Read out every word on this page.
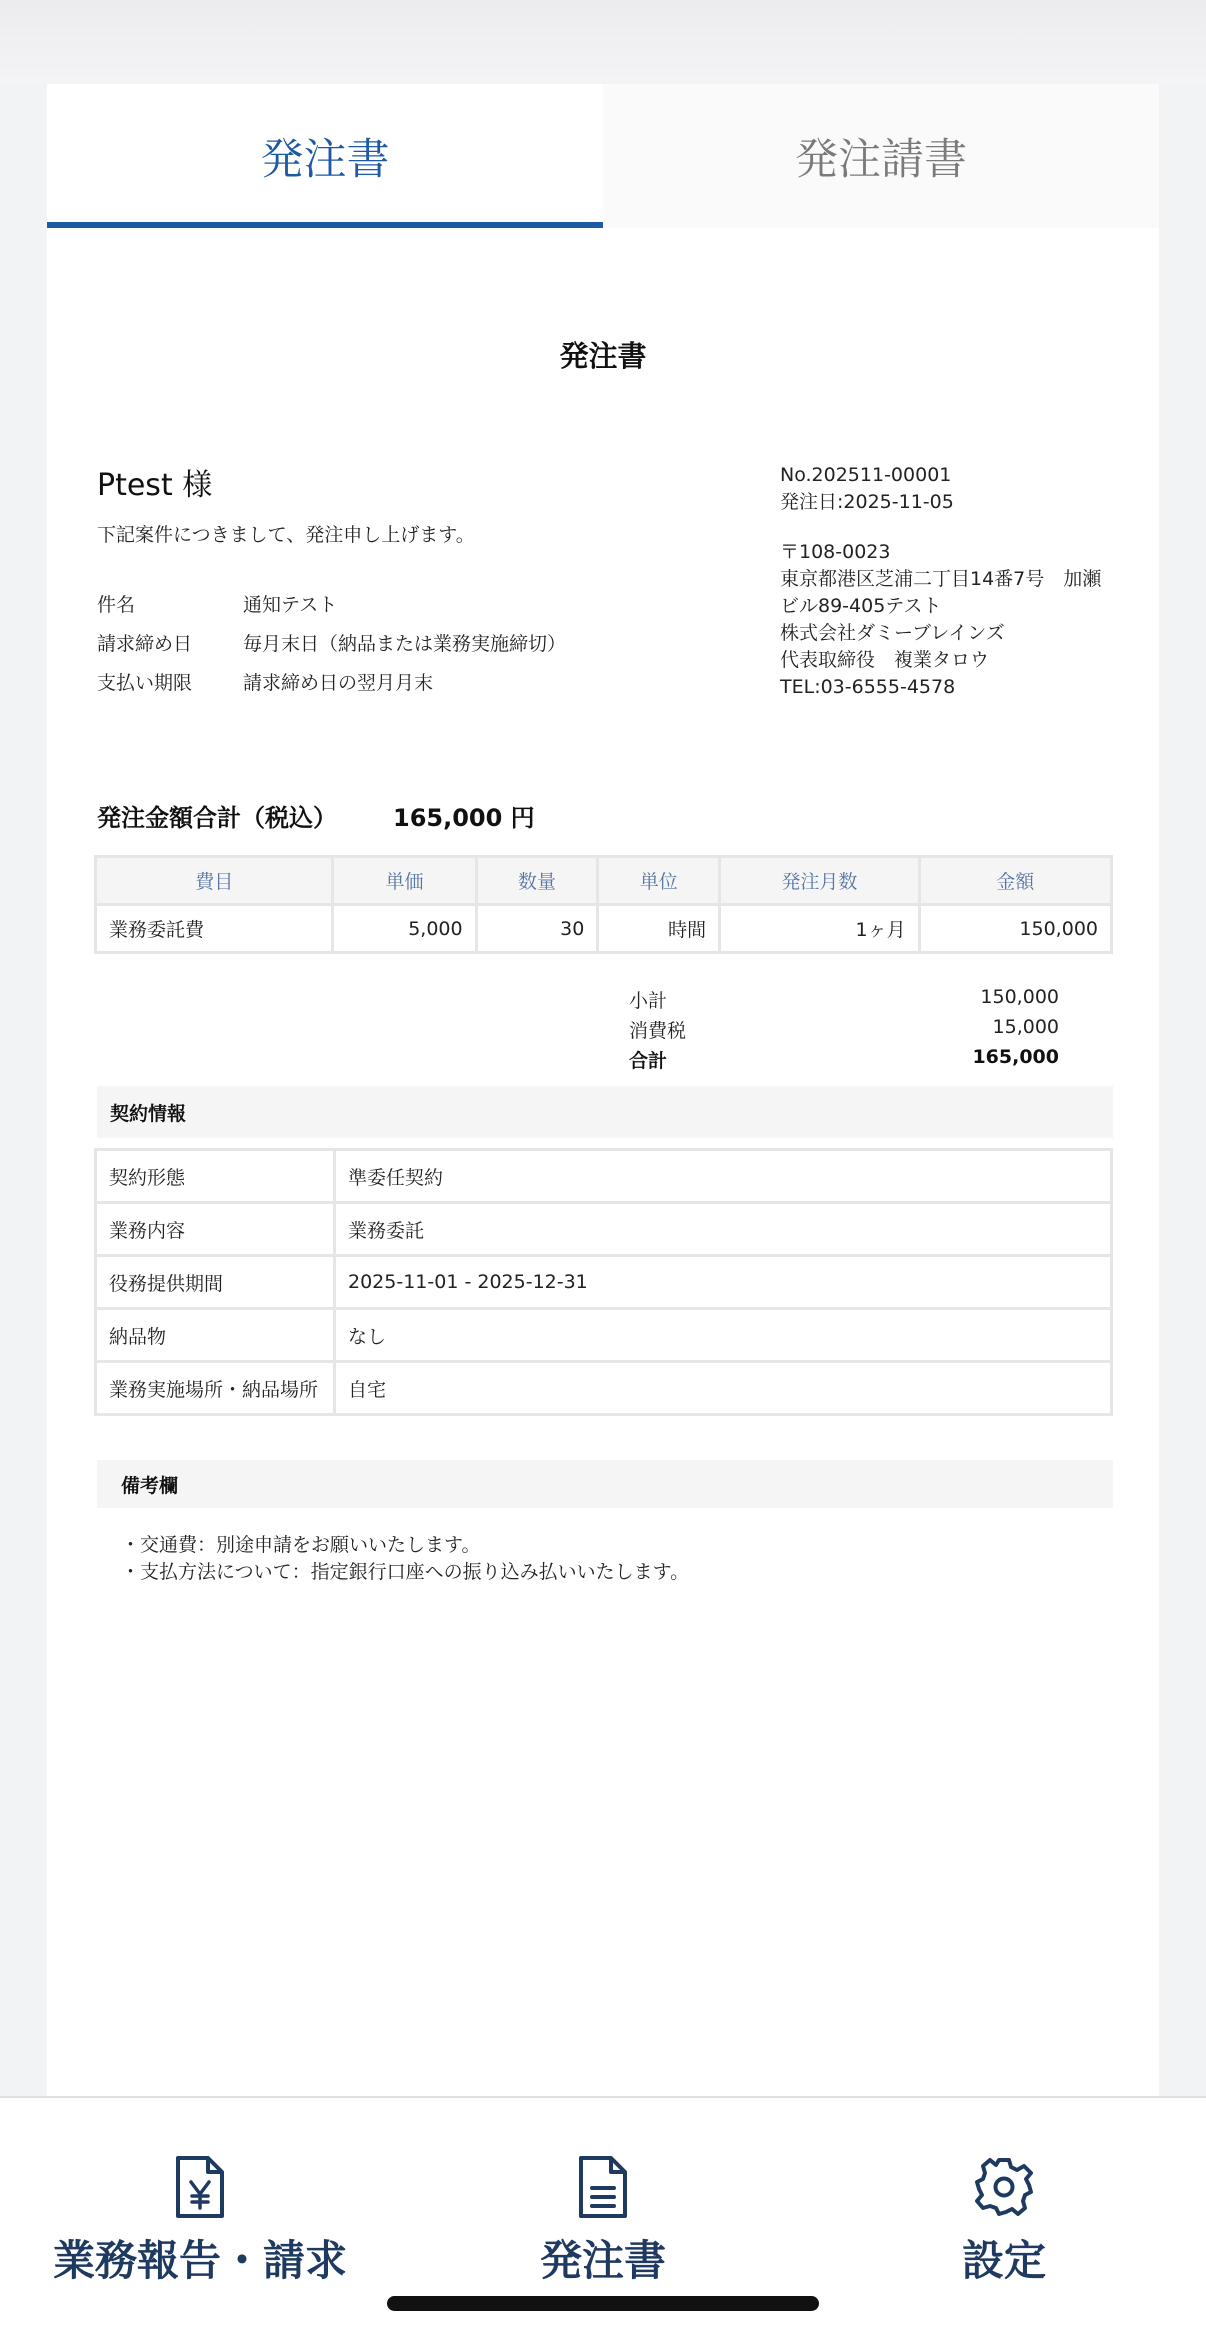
発注書	発注請書
発注書
Ptest 様
下記案件につきまして、発注申し上げます。
件名	通知テスト
請求締め日	毎月末日（納品または業務実施締切）
支払い期限	請求締め日の翌月月末
No.202511-00001
発注日:2025-11-05
〒108-0023
東京都港区芝浦二丁目14番7号　加瀬
ビル89-405テスト
株式会社ダミーブレインズ
代表取締役　複業タロウ
TEL:03-6555-4578
発注金額合計（税込） 165,000 円
費目	単価	数量	単位	発注月数	金額
業務委託費	5,000	30	時間	1ヶ月	150,000
小計	150,000
消費税	15,000
合計	165,000
契約情報
契約形態	準委任契約
業務内容	業務委託
役務提供期間	2025-11-01 - 2025-12-31
納品物	なし
業務実施場所・納品場所	自宅
備考欄
・交通費：別途申請をお願いいたします。
・支払方法について：指定銀行口座への振り込み払いいたします。
業務報告・請求	発注書	設定
